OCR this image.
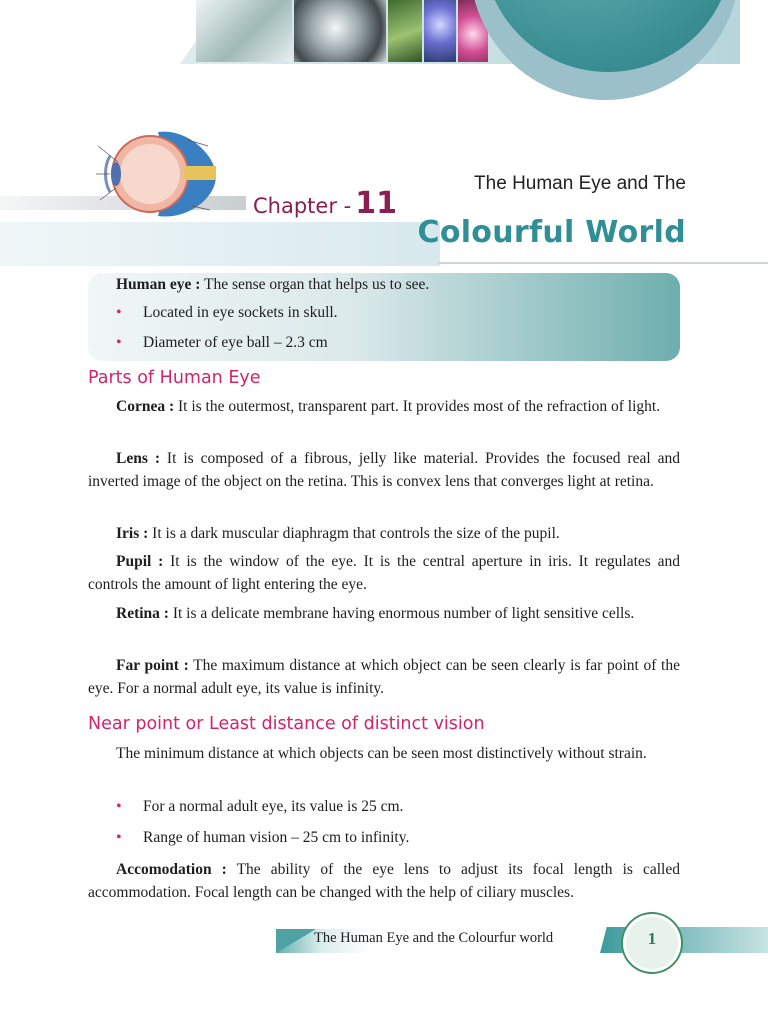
Chapter - 11
The Human Eye and The
Colourful World
Human eye : The sense organ that helps us to see.
• Located in eye sockets in skull.
• Diameter of eye ball – 2.3 cm
Parts of Human Eye

Cornea : It is the outermost, transparent part. It provides most of the refraction of light.

Lens : It is composed of a fibrous, jelly like material. Provides the focused real and inverted image of the object on the retina. This is convex lens that converges light at retina.

Iris : It is a dark muscular diaphragm that controls the size of the pupil.

Pupil : It is the window of the eye. It is the central aperture in iris. It regulates and controls the amount of light entering the eye.

Retina : It is a delicate membrane having enormous number of light sensitive cells.

Far point : The maximum distance at which object can be seen clearly is far point of the eye. For a normal adult eye, its value is infinity.

Near point or Least distance of distinct vision

The minimum distance at which objects can be seen most distinctively without strain.

• For a normal adult eye, its value is 25 cm.
• Range of human vision – 25 cm to infinity.

Accomodation : The ability of the eye lens to adjust its focal length is called accommodation. Focal length can be changed with the help of ciliary muscles.

The Human Eye and the Colourfur world	1
